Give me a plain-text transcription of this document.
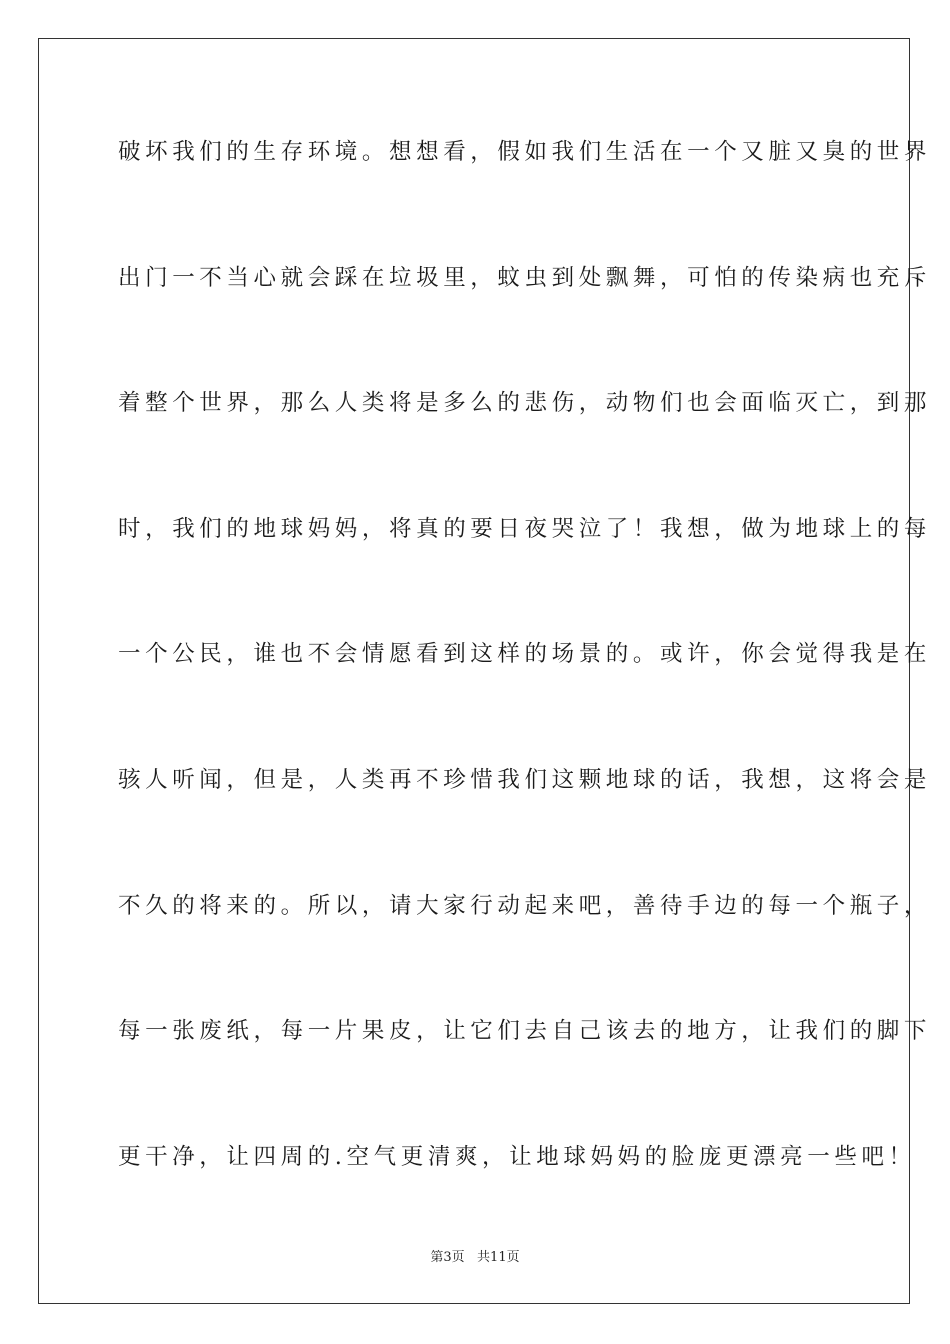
破坏我们的生存环境。想想看，假如我们生活在一个又脏又臭的世界
出门一不当心就会踩在垃圾里，蚊虫到处飘舞，可怕的传染病也充斥
着整个世界，那么人类将是多么的悲伤，动物们也会面临灭亡，到那
时，我们的地球妈妈，将真的要日夜哭泣了！我想，做为地球上的每
一个公民，谁也不会情愿看到这样的场景的。或许，你会觉得我是在
骇人听闻，但是，人类再不珍惜我们这颗地球的话，我想，这将会是
不久的将来的。所以，请大家行动起来吧，善待手边的每一个瓶子，
每一张废纸，每一片果皮，让它们去自己该去的地方，让我们的脚下
更干净，让四周的.空气更清爽，让地球妈妈的脸庞更漂亮一些吧！
第3页   共11页
